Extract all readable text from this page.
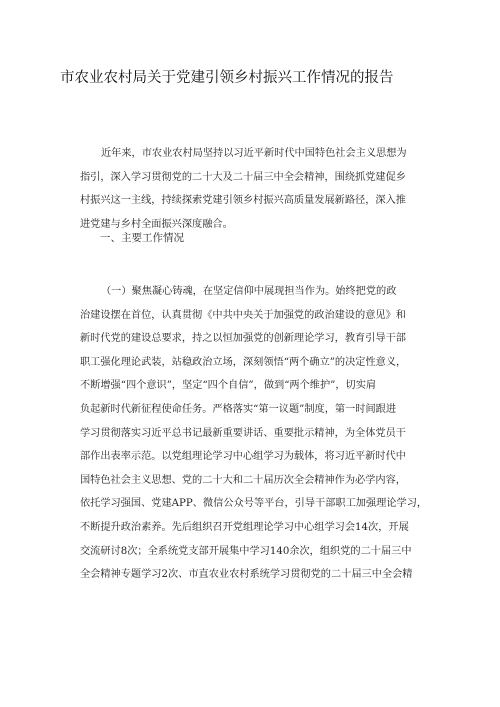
市农业农村局关于党建引领乡村振兴工作情况的报告
近年来，市农业农村局坚持以习近平新时代中国特色社会主义思想为
指引，深入学习贯彻党的二十大及二十届三中全会精神，围绕抓党建促乡
村振兴这一主线，持续探索党建引领乡村振兴高质量发展新路径，深入推
进党建与乡村全面振兴深度融合。
一、主要工作情况
（一）聚焦凝心铸魂，在坚定信仰中展现担当作为。始终把党的政
治建设摆在首位，认真贯彻《中共中央关于加强党的政治建设的意见》和
新时代党的建设总要求，持之以恒加强党的创新理论学习，教育引导干部
职工强化理论武装，站稳政治立场，深刻领悟“两个确立”的决定性意义，
不断增强“四个意识”，坚定“四个自信”，做到“两个维护”，切实肩
负起新时代新征程使命任务。严格落实“第一议题”制度，第一时间跟进
学习贯彻落实习近平总书记最新重要讲话、重要批示精神，为全体党员干
部作出表率示范。以党组理论学习中心组学习为载体，将习近平新时代中
国特色社会主义思想、党的二十大和二十届历次全会精神作为必学内容，
依托学习强国、党建APP、微信公众号等平台，引导干部职工加强理论学习，
不断提升政治素养。先后组织召开党组理论学习中心组学习会14次，开展
交流研讨8次；全系统党支部开展集中学习140余次，组织党的二十届三中
全会精神专题学习2次、市直农业农村系统学习贯彻党的二十届三中全会精
